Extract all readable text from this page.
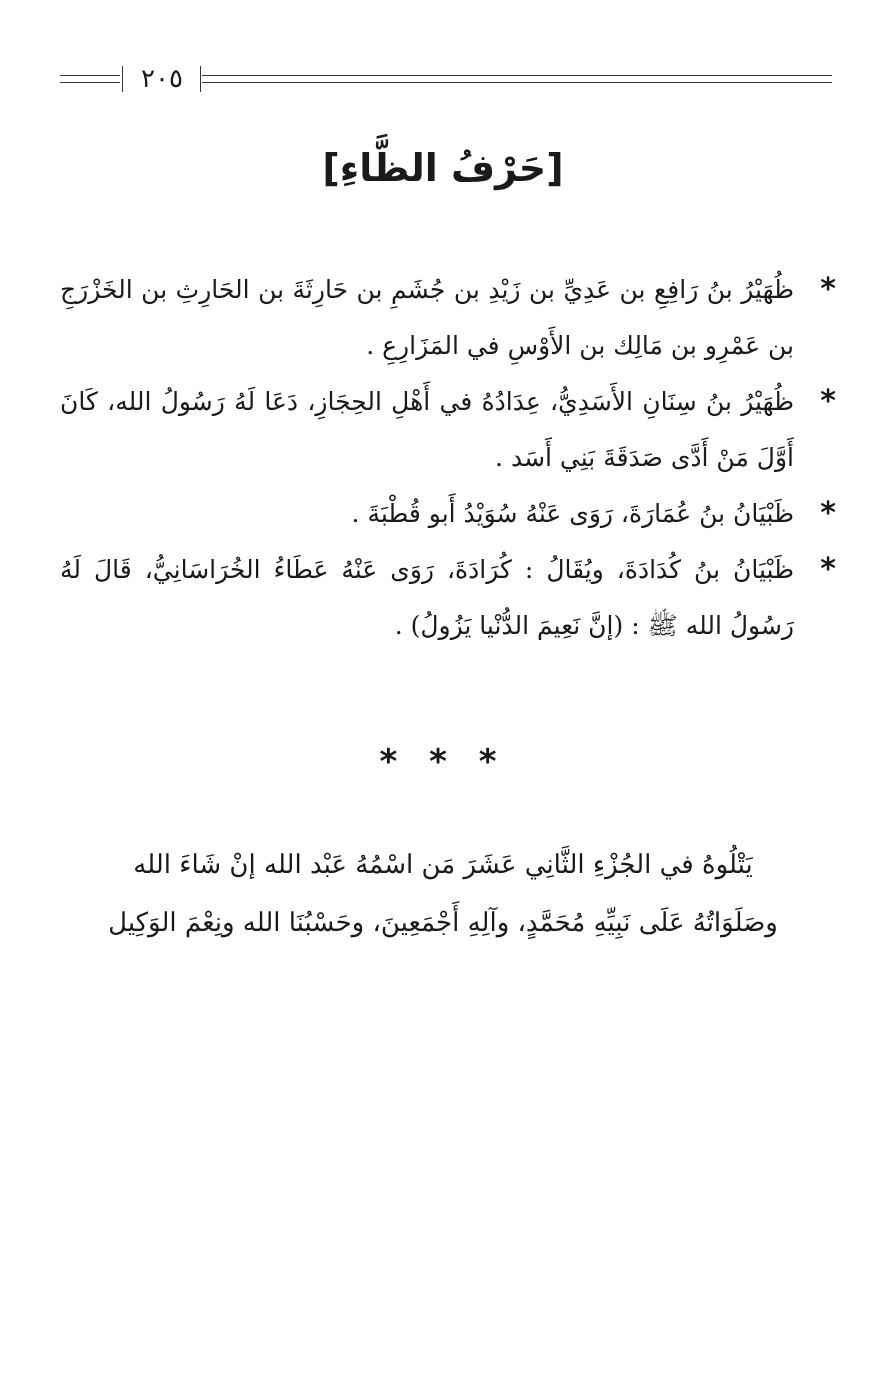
٢٠٥
[حَرْفُ الظَّاءِ]
*
ظُهَيْرُ بنُ رَافِعِ بن عَدِيِّ بن زَيْدِ بن جُشَمِ بن حَارِثَةَ بن الحَارِثِ بن الخَزْرَجِ بن عَمْرِو بن مَالِك بن الأَوْسِ في المَزَارِعِ .
*
ظُهَيْرُ بنُ سِنَانِ الأَسَدِيُّ، عِدَادُهُ في أَهْلِ الحِجَازِ، دَعَا لَهُ رَسُولُ الله، كَانَ أَوَّلَ مَنْ أَدَّى صَدَقَةَ بَنِي أَسَد .
*
ظَبْيَانُ بنُ عُمَارَةَ، رَوَى عَنْهُ سُوَيْدُ أَبو قُطْبَةَ .
*
ظَبْيَانُ بنُ كُدَادَةَ، ويُقَالُ : كُرَادَةَ، رَوَى عَنْهُ عَطَاءُ الخُرَاسَانِيُّ، قَالَ لَهُ رَسُولُ الله ﷺ : (إنَّ نَعِيمَ الدُّنْيا يَزُولُ) .
* * *
يَتْلُوهُ في الجُزْءِ الثَّانِي عَشَرَ مَن اسْمُهُ عَبْد الله إنْ شَاءَ الله
وصَلَوَاتُهُ عَلَى نَبِيِّهِ مُحَمَّدٍ، وآلِهِ أَجْمَعِينَ، وحَسْبُنَا الله ونِعْمَ الوَكِيل
